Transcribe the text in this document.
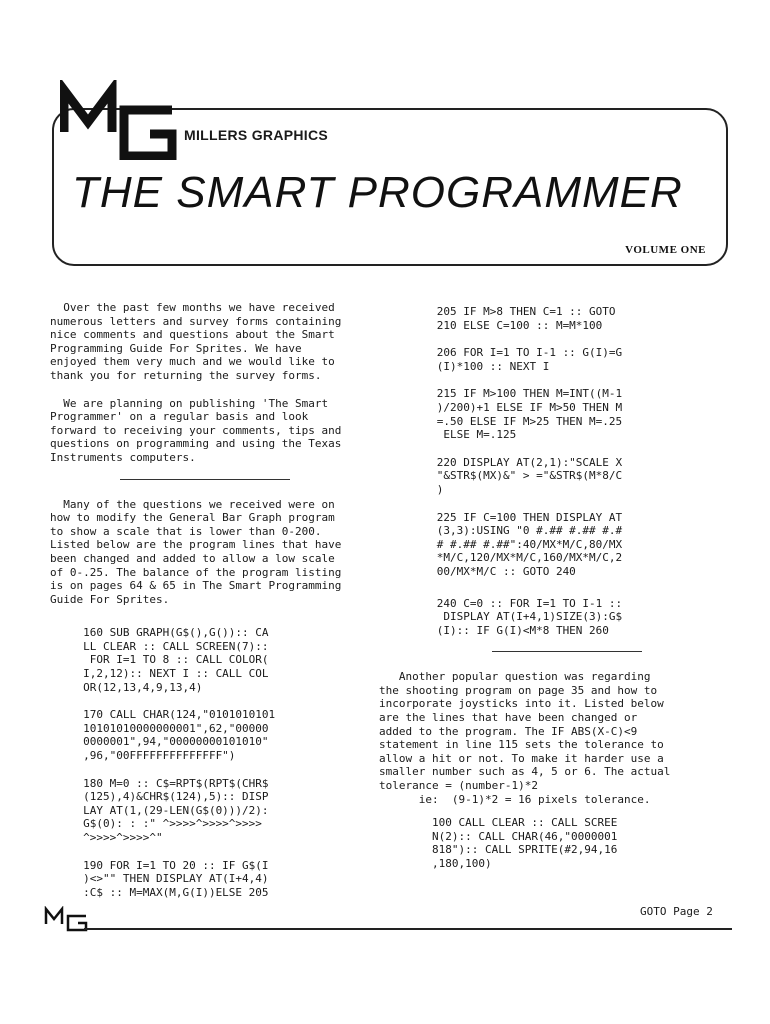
MILLERS GRAPHICS
THE SMART PROGRAMMER
VOLUME ONE

Over the past few months we have received

numerous letters and survey forms containing

nice comments and questions about the Smart

Programming Guide For Sprites. We have

enjoyed them very much and we would like to

thank you for returning the survey forms.

We are planning on publishing 'The Smart

Programmer' on a regular basis and look

forward to receiving your comments, tips and

questions on programming and using the Texas

Instruments computers.

Many of the questions we received were on

how to modify the General Bar Graph program

to show a scale that is lower than 0-200.

Listed below are the program lines that have

been changed and added to allow a low scale

of 0-.25. The balance of the program listing

is on pages 64 & 65 in The Smart Programming

Guide For Sprites.

160 SUB GRAPH(G$(),G()):: CA

LL CLEAR :: CALL SCREEN(7)::

FOR I=1 TO 8 :: CALL COLOR(

I,2,12):: NEXT I :: CALL COL

OR(12,13,4,9,13,4)

170 CALL CHAR(124,"0101010101

10101010000000001",62,"00000

0000001",94,"00000000101010"

,96,"00FFFFFFFFFFFFFF")

180 M=0 :: C$=RPT$(RPT$(CHR$

(125),4)&CHR$(124),5):: DISP

LAY AT(1,(29-LEN(G$(0)))/2):

G$(0): : :" ^>>>>^>>>>^>>>>

^>>>>^>>>>^"

190 FOR I=1 TO 20 :: IF G$(I

)<>"" THEN DISPLAY AT(I+4,4)

:C$ :: M=MAX(M,G(I))ELSE 205

205 IF M>8 THEN C=1 :: GOTO

210 ELSE C=100 :: M=M*100

206 FOR I=1 TO I-1 :: G(I)=G

(I)*100 :: NEXT I

215 IF M>100 THEN M=INT((M-1

)/200)+1 ELSE IF M>50 THEN M

=.50 ELSE IF M>25 THEN M=.25

ELSE M=.125

220 DISPLAY AT(2,1):"SCALE X

"&STR$(MX)&" > ="&STR$(M*8/C

)

225 IF C=100 THEN DISPLAY AT

(3,3):USING "0 #.## #.## #.#

# #.## #.##":40/MX*M/C,80/MX

*M/C,120/MX*M/C,160/MX*M/C,2

00/MX*M/C :: GOTO 240

240 C=0 :: FOR I=1 TO I-1 ::

DISPLAY AT(I+4,1)SIZE(3):G$

(I):: IF G(I)<M*8 THEN 260

Another popular question was regarding

the shooting program on page 35 and how to

incorporate joysticks into it. Listed below

are the lines that have been changed or

added to the program. The IF ABS(X-C)<9

statement in line 115 sets the tolerance to

allow a hit or not. To make it harder use a

smaller number such as 4, 5 or 6. The actual

tolerance = (number-1)*2

ie:  (9-1)*2 = 16 pixels tolerance.

100 CALL CLEAR :: CALL SCREE

N(2):: CALL CHAR(46,"0000001

818"):: CALL SPRITE(#2,94,16

,180,100)

GOTO Page 2
